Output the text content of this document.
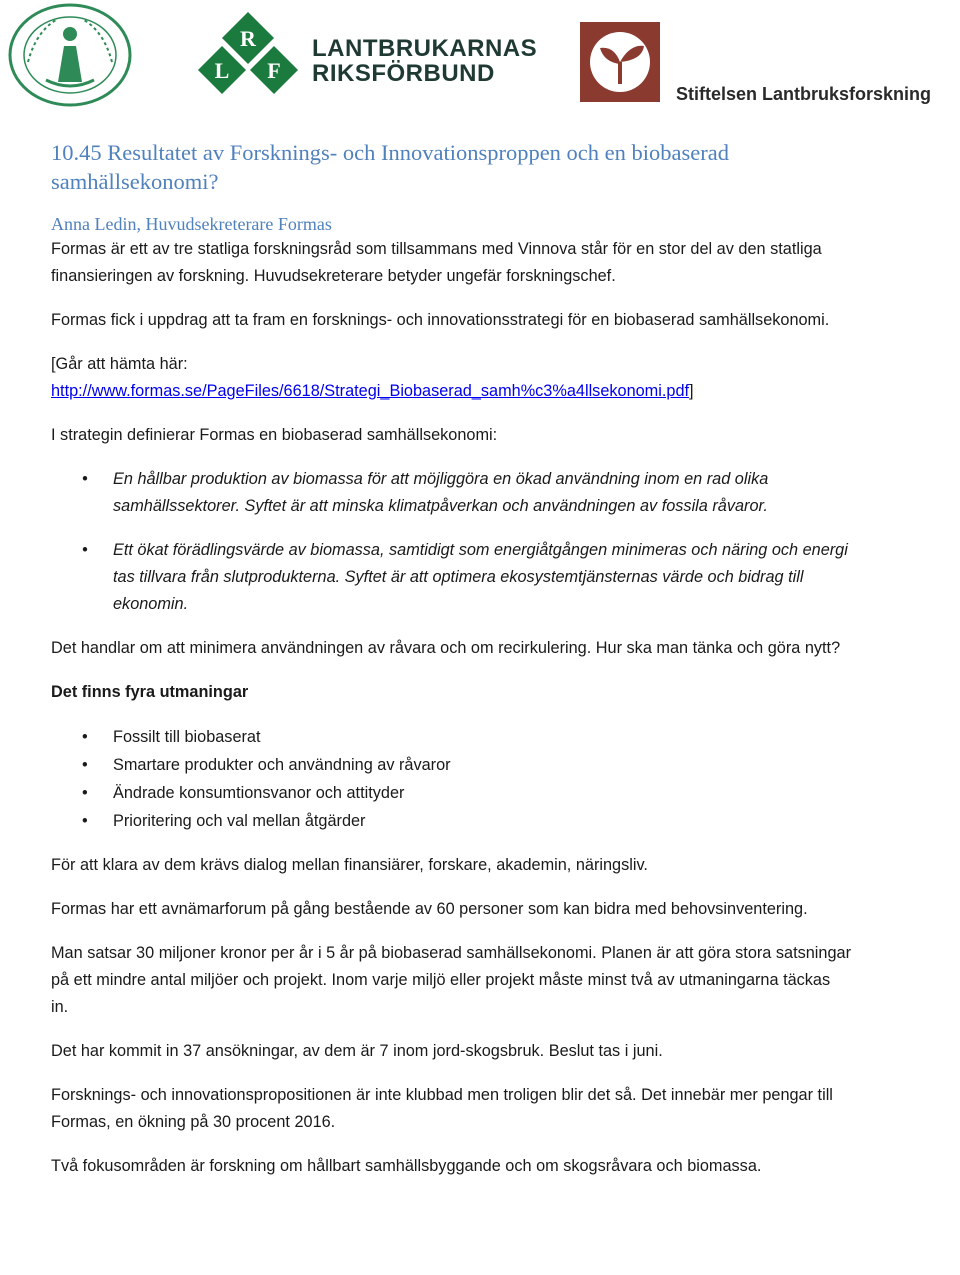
R
L F
LANTBRUKARNAS
RIKSFÖRBUND
Stiftelsen Lantbruksforskning
10.45 Resultatet av Forsknings- och Innovationsproppen och en biobaserad samhällsekonomi?
Anna Ledin, Huvudsekreterare Formas

Formas är ett av tre statliga forskningsråd som tillsammans med Vinnova står för en stor del av den statliga finansieringen av forskning. Huvudsekreterare betyder ungefär forskningschef.

Formas fick i uppdrag att ta fram en forsknings- och innovationsstrategi för en biobaserad samhällsekonomi.

[Går att hämta här:
http://www.formas.se/PageFiles/6618/Strategi_Biobaserad_samh%c3%a4llsekonomi.pdf]

I strategin definierar Formas en biobaserad samhällsekonomi:

• En hållbar produktion av biomassa för att möjliggöra en ökad användning inom en rad olika samhällssektorer. Syftet är att minska klimatpåverkan och användningen av fossila råvaror.
• Ett ökat förädlingsvärde av biomassa, samtidigt som energiåtgången minimeras och näring och energi tas tillvara från slutprodukterna. Syftet är att optimera ekosystemtjänsternas värde och bidrag till ekonomin.

Det handlar om att minimera användningen av råvara och om recirkulering. Hur ska man tänka och göra nytt?

Det finns fyra utmaningar

• Fossilt till biobaserat
• Smartare produkter och användning av råvaror
• Ändrade konsumtionsvanor och attityder
• Prioritering och val mellan åtgärder

För att klara av dem krävs dialog mellan finansiärer, forskare, akademin, näringsliv.

Formas har ett avnämarforum på gång bestående av 60 personer som kan bidra med behovsinventering.

Man satsar 30 miljoner kronor per år i 5 år på biobaserad samhällsekonomi. Planen är att göra stora satsningar på ett mindre antal miljöer och projekt. Inom varje miljö eller projekt måste minst två av utmaningarna täckas in.

Det har kommit in 37 ansökningar, av dem är 7 inom jord-skogsbruk. Beslut tas i juni.

Forsknings- och innovationspropositionen är inte klubbad men troligen blir det så. Det innebär mer pengar till Formas, en ökning på 30 procent 2016.

Två fokusområden är forskning om hållbart samhällsbyggande och om skogsråvara och biomassa.
